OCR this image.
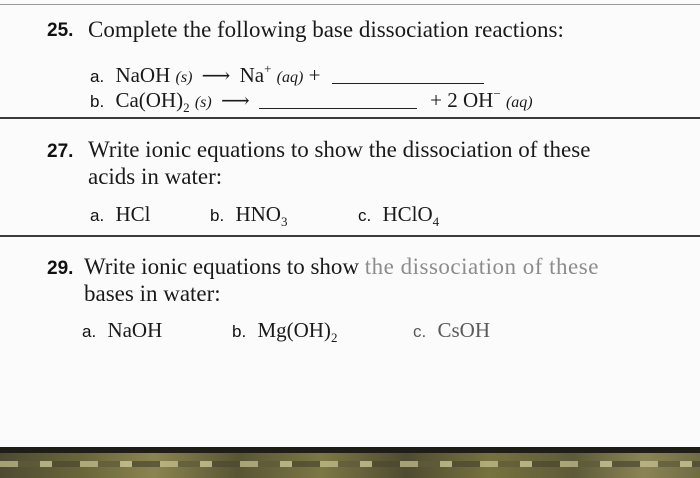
25. Complete the following base dissociation reactions:
a. NaOH (s) ⟶ Na+ (aq) +
b. $Ca(OH)_2$ (s) ⟶	+ 2 OH− (aq)
27. Write ionic equations to show the dissociation of these
acids in water:
a. HCl	b. $HNO_3$	c. HClO$_4$
29. Write ionic equations to show the dissociation of these
bases in water:
a. NaOH	b. $Mg(OH)_2$	c. CsOH
